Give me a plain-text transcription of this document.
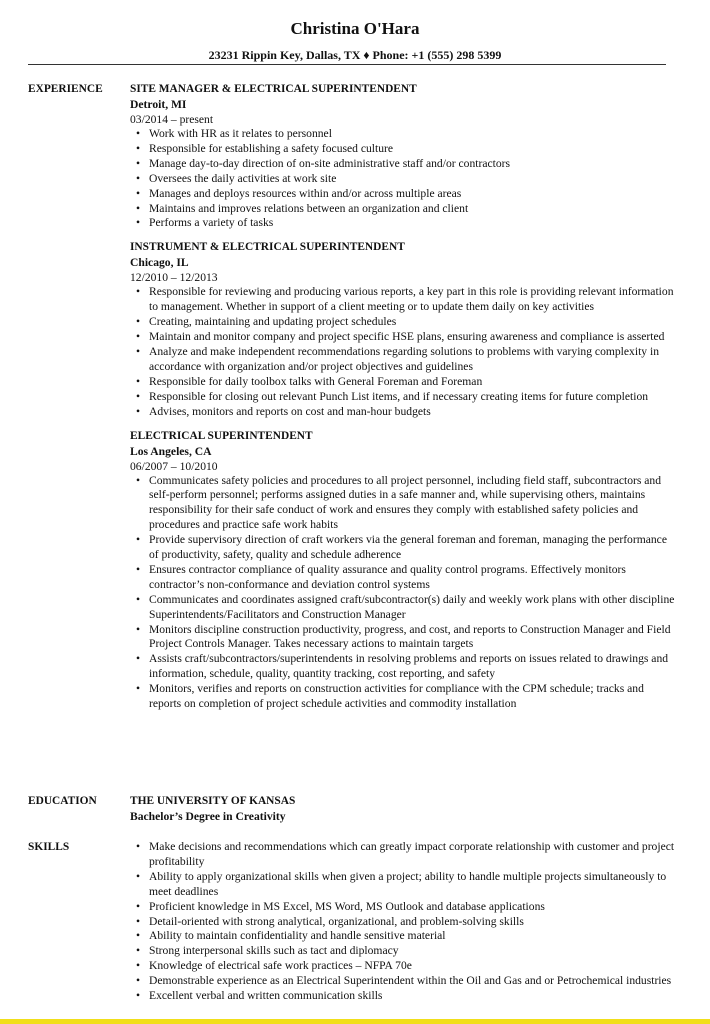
Christina O'Hara
23231 Rippin Key, Dallas, TX ♦ Phone: +1 (555) 298 5399
EXPERIENCE	SITE MANAGER & ELECTRICAL SUPERINTENDENT
Detroit, MI
03/2014 – present
• Work with HR as it relates to personnel
• Responsible for establishing a safety focused culture
• Manage day-to-day direction of on-site administrative staff and/or contractors
• Oversees the daily activities at work site
• Manages and deploys resources within and/or across multiple areas
• Maintains and improves relations between an organization and client
• Performs a variety of tasks
INSTRUMENT & ELECTRICAL SUPERINTENDENT
Chicago, IL
12/2010 – 12/2013
• Responsible for reviewing and producing various reports, a key part in this role is providing relevant information to management. Whether in support of a client meeting or to update them daily on key activities
• Creating, maintaining and updating project schedules
• Maintain and monitor company and project specific HSE plans, ensuring awareness and compliance is asserted
• Analyze and make independent recommendations regarding solutions to problems with varying complexity in accordance with organization and/or project objectives and guidelines
• Responsible for daily toolbox talks with General Foreman and Foreman
• Responsible for closing out relevant Punch List items, and if necessary creating items for future completion
• Advises, monitors and reports on cost and man-hour budgets
ELECTRICAL SUPERINTENDENT
Los Angeles, CA
06/2007 – 10/2010
• Communicates safety policies and procedures to all project personnel, including field staff, subcontractors and self-perform personnel; performs assigned duties in a safe manner and, while supervising others, maintains responsibility for their safe conduct of work and ensures they comply with established safety policies and procedures and practice safe work habits
• Provide supervisory direction of craft workers via the general foreman and foreman, managing the performance of productivity, safety, quality and schedule adherence
• Ensures contractor compliance of quality assurance and quality control programs. Effectively monitors contractor’s non-conformance and deviation control systems
• Communicates and coordinates assigned craft/subcontractor(s) daily and weekly work plans with other discipline Superintendents/Facilitators and Construction Manager
• Monitors discipline construction productivity, progress, and cost, and reports to Construction Manager and Field Project Controls Manager. Takes necessary actions to maintain targets
• Assists craft/subcontractors/superintendents in resolving problems and reports on issues related to drawings and information, schedule, quality, quantity tracking, cost reporting, and safety
• Monitors, verifies and reports on construction activities for compliance with the CPM schedule; tracks and reports on completion of project schedule activities and commodity installation
EDUCATION	THE UNIVERSITY OF KANSAS
Bachelor’s Degree in Creativity
SKILLS
•	Make decisions and recommendations which can greatly impact corporate relationship with customer and project profitability
• Ability to apply organizational skills when given a project; ability to handle multiple projects simultaneously to meet deadlines
• Proficient knowledge in MS Excel, MS Word, MS Outlook and database applications
• Detail-oriented with strong analytical, organizational, and problem-solving skills
• Ability to maintain confidentiality and handle sensitive material
• Strong interpersonal skills such as tact and diplomacy
• Knowledge of electrical safe work practices – NFPA 70e
• Demonstrable experience as an Electrical Superintendent within the Oil and Gas and or Petrochemical industries
• Excellent verbal and written communication skills
